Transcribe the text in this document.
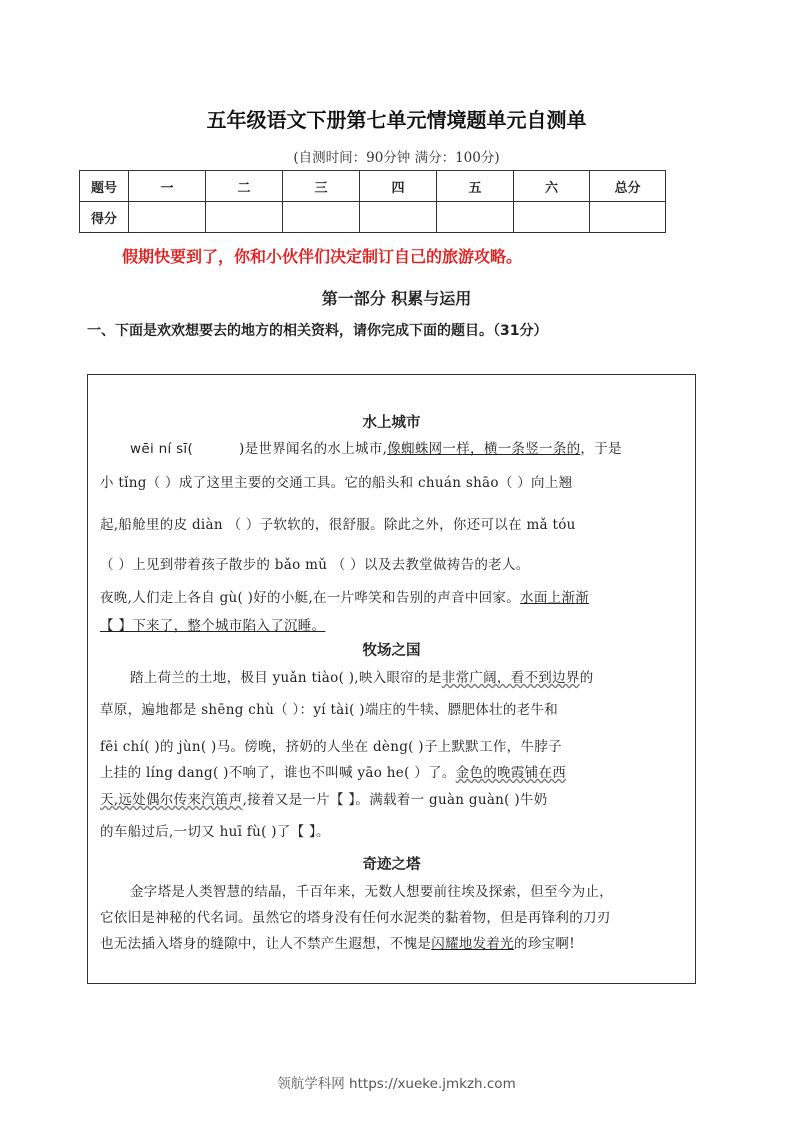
五年级语文下册第七单元情境题单元自测单
(自测时间：90分钟 满分：100分)
题号	一	二	三	四	五	六	总分
得分							
假期快要到了，你和小伙伴们决定制订自己的旅游攻略。
第一部分 积累与运用
一、下面是欢欢想要去的地方的相关资料，请你完成下面的题目。（31分）
水上城市
wēi ní sī(	)是世界闻名的水上城市,像蜘蛛网一样，横一条竖一条的，于是
小 tǐng（ ）成了这里主要的交通工具。它的船头和 chuán shāo（ ）向上翘
起,船舱里的皮 diàn （ ）子软软的，很舒服。除此之外，你还可以在 mǎ tóu
（ ）上见到带着孩子散步的 bǎo mǔ （ ）以及去教堂做祷告的老人。
夜晚,人们走上各自 gù( )好的小艇,在一片哗笑和告别的声音中回家。水面上渐渐
【 】下来了，整个城市陷入了沉睡。
牧场之国
踏上荷兰的土地，极目 yuǎn tiào( ),映入眼帘的是非常广阔，看不到边界的
草原，遍地都是 shēng chù（ ）：yí tài( )端庄的牛犊、膘肥体壮的老牛和
fēi chí( )的 jùn( )马。傍晚，挤奶的人坐在 dèng( )子上默默工作，牛脖子
上挂的 líng dang( )不响了，谁也不叫喊 yāo he( ）了。金色的晚霞铺在西
天,远处偶尔传来汽笛声,接着又是一片【 】。满载着一 guàn guàn( )牛奶
的车船过后,一切又 huī fù( )了【 】。
奇迹之塔
金字塔是人类智慧的结晶，千百年来，无数人想要前往埃及探索，但至今为止，
它依旧是神秘的代名词。虽然它的塔身没有任何水泥类的黏着物，但是再锋利的刀刃
也无法插入塔身的缝隙中，让人不禁产生遐想，不愧是闪耀地发着光的珍宝啊!
领航学科网 https://xueke.jmkzh.com
